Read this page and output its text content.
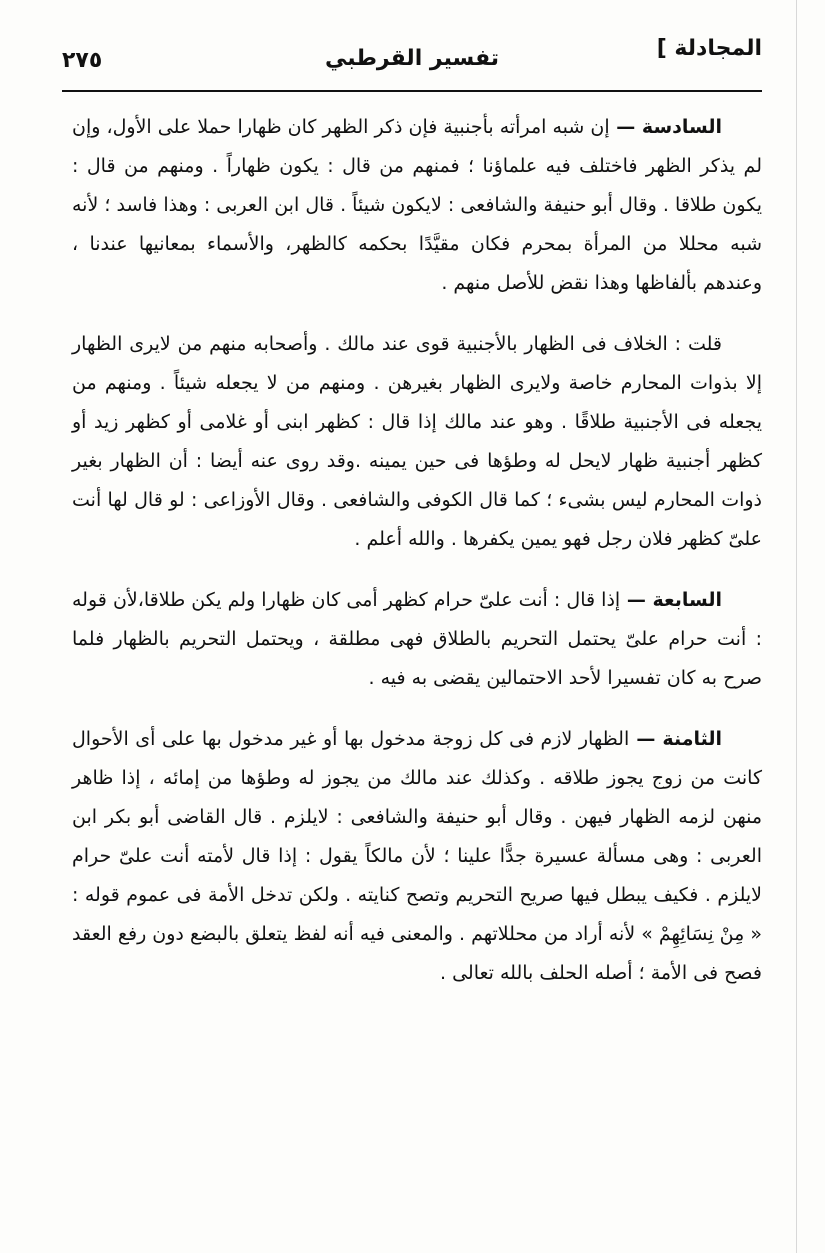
المجادلة ]
تفسير القرطبي
٢٧٥

السادسة — إن شبه امرأته بأجنبية فإن ذكر الظهر كان ظهارا حملا على الأول، وإن لم يذكر الظهر فاختلف فيه علماؤنا ؛ فمنهم من قال : يكون ظهاراً . ومنهم من قال : يكون طلاقا . وقال أبو حنيفة والشافعى : لايكون شيئاً . قال ابن العربى : وهذا فاسد ؛ لأنه شبه محللا من المرأة بمحرم فكان مقيَّدًا بحكمه كالظهر، والأسماء بمعانيها عندنا ، وعندهم بألفاظها وهذا نقض للأصل منهم .

قلت : الخلاف فى الظهار بالأجنبية قوى عند مالك . وأصحابه منهم من لايرى الظهار إلا بذوات المحارم خاصة ولايرى الظهار بغيرهن . ومنهم من لا يجعله شيئاً . ومنهم من يجعله فى الأجنبية طلاقًا . وهو عند مالك إذا قال : كظهر ابنى أو غلامى أو كظهر زيد أو كظهر أجنبية ظهار لايحل له وطؤها فى حين يمينه .وقد روى عنه أيضا : أن الظهار بغير ذوات المحارم ليس بشىء ؛ كما قال الكوفى والشافعى . وقال الأوزاعى : لو قال لها أنت علىّ كظهر فلان رجل فهو يمين يكفرها . والله أعلم .

السابعة — إذا قال : أنت علىّ حرام كظهر أمى كان ظهارا ولم يكن طلاقا،لأن قوله : أنت حرام علىّ يحتمل التحريم بالطلاق فهى مطلقة ، ويحتمل التحريم بالظهار فلما صرح به كان تفسيرا لأحد الاحتمالين يقضى به فيه .

الثامنة — الظهار لازم فى كل زوجة مدخول بها أو غير مدخول بها على أى الأحوال كانت من زوج يجوز طلاقه . وكذلك عند مالك من يجوز له وطؤها من إمائه ، إذا ظاهر منهن لزمه الظهار فيهن . وقال أبو حنيفة والشافعى : لايلزم . قال القاضى أبو بكر ابن العربى : وهى مسألة عسيرة جدًّا علينا ؛ لأن مالكاً يقول : إذا قال لأمته أنت علىّ حرام لايلزم . فكيف يبطل فيها صريح التحريم وتصح كنايته . ولكن تدخل الأمة فى عموم قوله : « مِنْ نِسَائِهِمْ » لأنه أراد من محللاتهم . والمعنى فيه أنه لفظ يتعلق بالبضع دون رفع العقد فصح فى الأمة ؛ أصله الحلف بالله تعالى .
